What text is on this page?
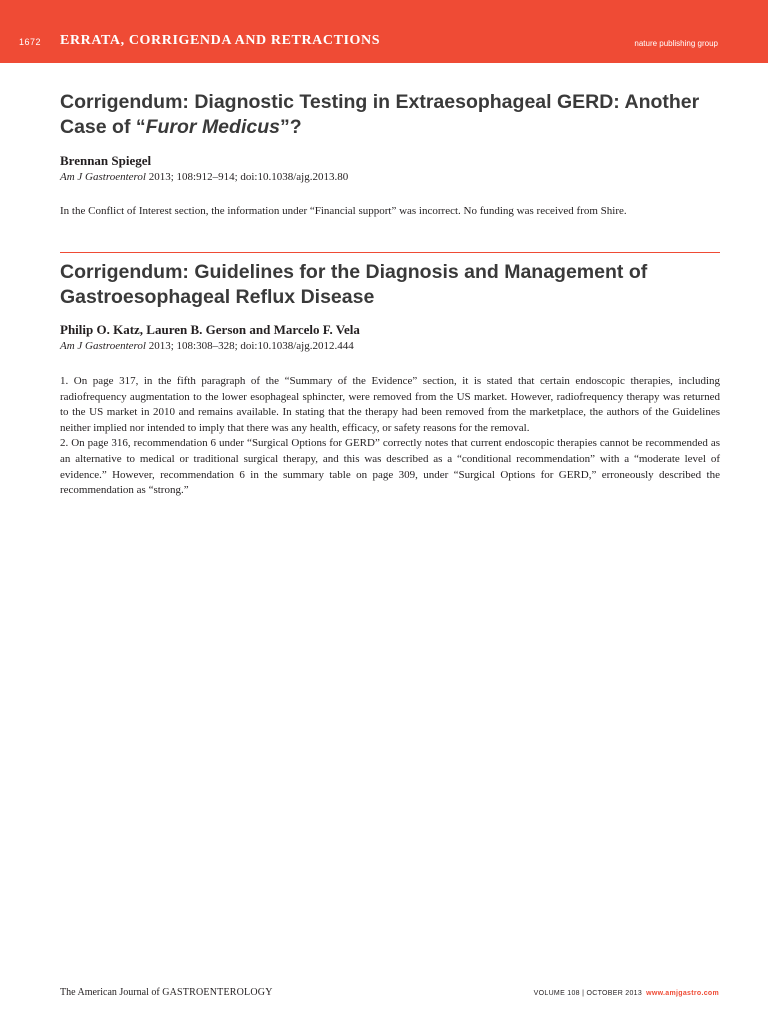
1672 ERRATA, CORRIGENDA AND RETRACTIONS	nature publishing group
Corrigendum: Diagnostic Testing in Extraesophageal GERD: Another Case of “Furor Medicus”?

Brennan Spiegel

Am J Gastroenterol 2013; 108:912–914; doi:10.1038/ajg.2013.80

In the Conflict of Interest section, the information under “Financial support” was incorrect. No funding was received from Shire.

Corrigendum: Guidelines for the Diagnosis and Management of Gastroesophageal Reflux Disease

Philip O. Katz, Lauren B. Gerson and Marcelo F. Vela

Am J Gastroenterol 2013; 108:308–328; doi:10.1038/ajg.2012.444

1. On page 317, in the fifth paragraph of the “Summary of the Evidence” section, it is stated that certain endoscopic therapies, including radiofrequency augmentation to the lower esophageal sphincter, were removed from the US market. However, radiofrequency therapy was returned to the US market in 2010 and remains available. In stating that the therapy had been removed from the marketplace, the authors of the Guidelines neither implied nor intended to imply that there was any health, efficacy, or safety reasons for the removal.

2. On page 316, recommendation 6 under “Surgical Options for GERD” correctly notes that current endoscopic therapies cannot be recommended as an alternative to medical or traditional surgical therapy, and this was described as a “conditional recommendation” with a “moderate level of evidence.” However, recommendation 6 in the summary table on page 309, under “Surgical Options for GERD,” erroneously described the recommendation as “strong.”

The American Journal of GASTROENTEROLOGY	VOLUME 108 | OCTOBER 2013 www.amjgastro.com
